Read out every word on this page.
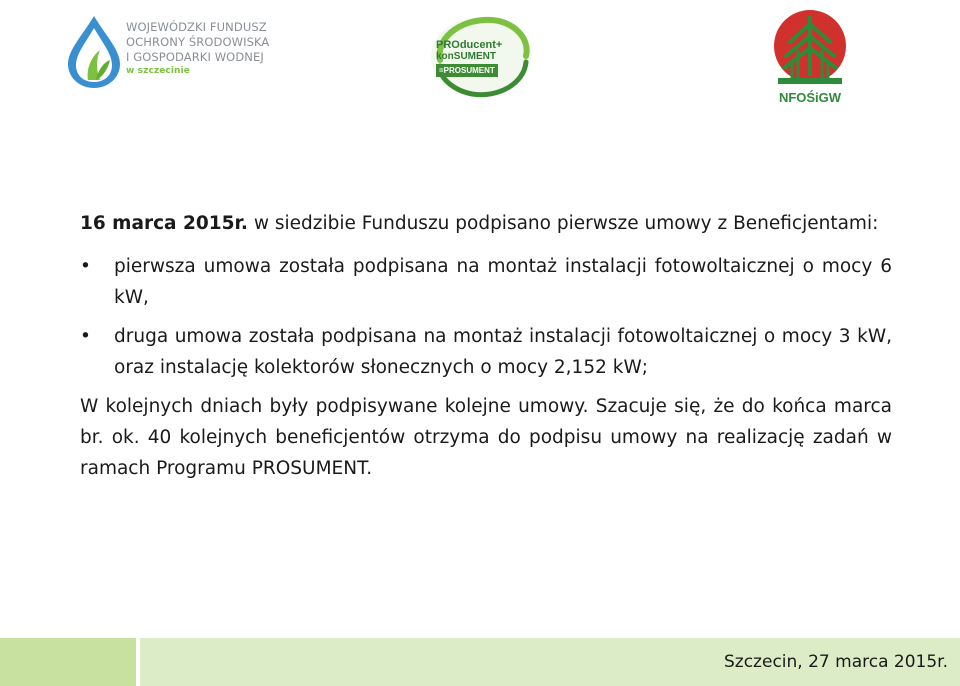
WOJEWÓDZKI FUNDUSZ
OCHRONY ŚRODOWISKA
I GOSPODARKI WODNEJ
w szczecinie
PROducent+
konSUMENT
=PROSUMENT
NFOŚiGW

16 marca 2015r. w siedzibie Funduszu podpisano pierwsze umowy z Beneficjentami:

• pierwsza umowa została podpisana na montaż instalacji fotowoltaicznej o mocy 6 kW,
• druga umowa została podpisana na montaż instalacji fotowoltaicznej o mocy 3 kW, oraz instalację kolektorów słonecznych o mocy 2,152 kW;

W kolejnych dniach były podpisywane kolejne umowy. Szacuje się, że do końca marca br. ok. 40 kolejnych beneficjentów otrzyma do podpisu umowy na realizację zadań w ramach Programu PROSUMENT.

Szczecin, 27 marca 2015r.
